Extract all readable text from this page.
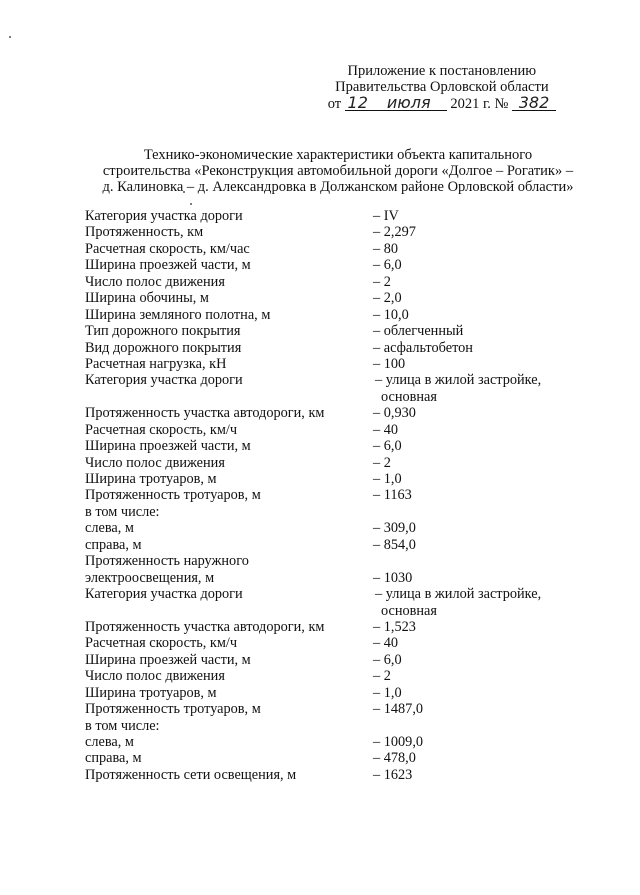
Приложение к постановлению
Правительства Орловской области
от 12 июля 2021 г. № 382
Технико-экономические характеристики объекта капитального
строительства «Реконструкция автомобильной дороги «Долгое – Рогатик» –
д. Калиновка – д. Александровка в Должанском районе Орловской области»
Категория участка дороги	– IV
Протяженность, км	– 2,297
Расчетная скорость, км/час	– 80
Ширина проезжей части, м	– 6,0
Число полос движения	– 2
Ширина обочины, м	– 2,0
Ширина земляного полотна, м	– 10,0
Тип дорожного покрытия	– облегченный
Вид дорожного покрытия	– асфальтобетон
Расчетная нагрузка, кН	– 100
Категория участка дороги	– улица в жилой застройке,
основная
Протяженность участка автодороги, км	– 0,930
Расчетная скорость, км/ч	– 40
Ширина проезжей части, м	– 6,0
Число полос движения	– 2
Ширина тротуаров, м	– 1,0
Протяженность тротуаров, м	– 1163
в том числе:
слева, м	– 309,0
справа, м	– 854,0
Протяженность наружного
электроосвещения, м	– 1030
Категория участка дороги	– улица в жилой застройке,
основная
Протяженность участка автодороги, км	– 1,523
Расчетная скорость, км/ч	– 40
Ширина проезжей части, м	– 6,0
Число полос движения	– 2
Ширина тротуаров, м	– 1,0
Протяженность тротуаров, м	– 1487,0
в том числе:
слева, м	– 1009,0
справа, м	– 478,0
Протяженность сети освещения, м	– 1623
